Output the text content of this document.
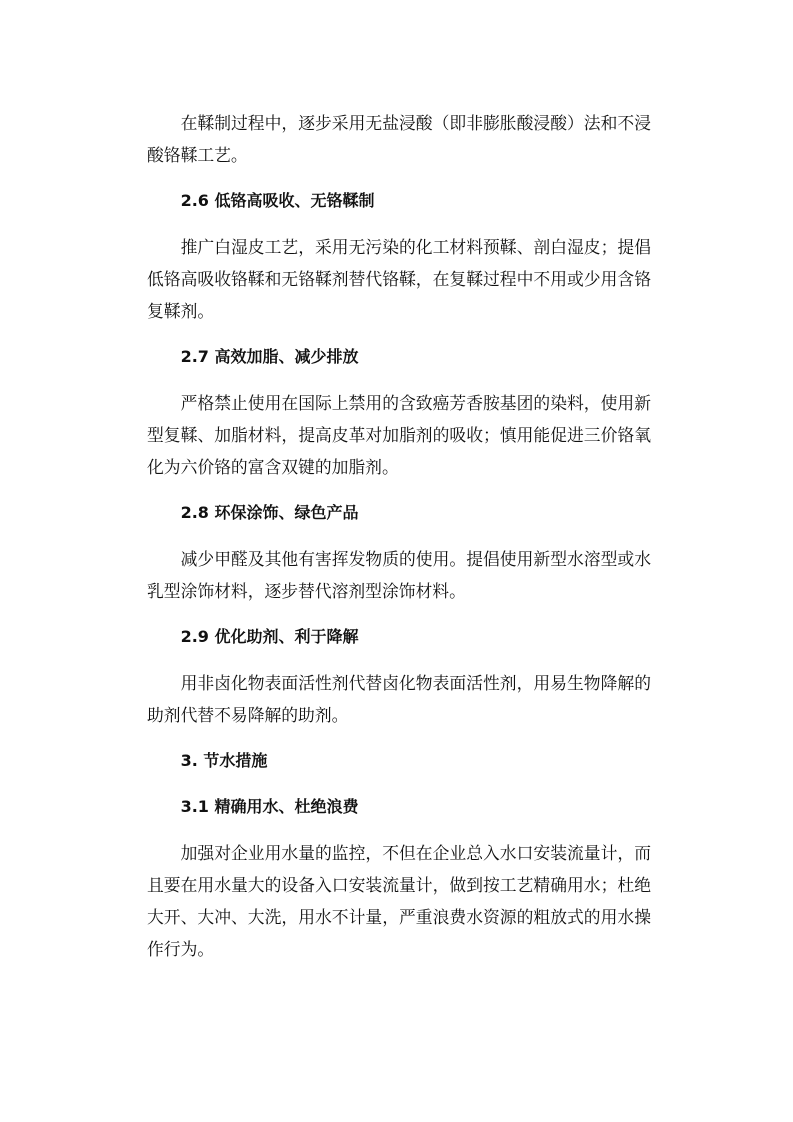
在鞣制过程中，逐步采用无盐浸酸（即非膨胀酸浸酸）法和不浸酸铬鞣工艺。

2.6 低铬高吸收、无铬鞣制

推广白湿皮工艺，采用无污染的化工材料预鞣、剖白湿皮；提倡低铬高吸收铬鞣和无铬鞣剂替代铬鞣，在复鞣过程中不用或少用含铬复鞣剂。

2.7 高效加脂、减少排放

严格禁止使用在国际上禁用的含致癌芳香胺基团的染料，使用新型复鞣、加脂材料，提高皮革对加脂剂的吸收；慎用能促进三价铬氧化为六价铬的富含双键的加脂剂。

2.8 环保涂饰、绿色产品

减少甲醛及其他有害挥发物质的使用。提倡使用新型水溶型或水乳型涂饰材料，逐步替代溶剂型涂饰材料。

2.9 优化助剂、利于降解

用非卤化物表面活性剂代替卤化物表面活性剂，用易生物降解的助剂代替不易降解的助剂。

3. 节水措施

3.1 精确用水、杜绝浪费

加强对企业用水量的监控，不但在企业总入水口安装流量计，而且要在用水量大的设备入口安装流量计，做到按工艺精确用水；杜绝大开、大冲、大洗，用水不计量，严重浪费水资源的粗放式的用水操作行为。
